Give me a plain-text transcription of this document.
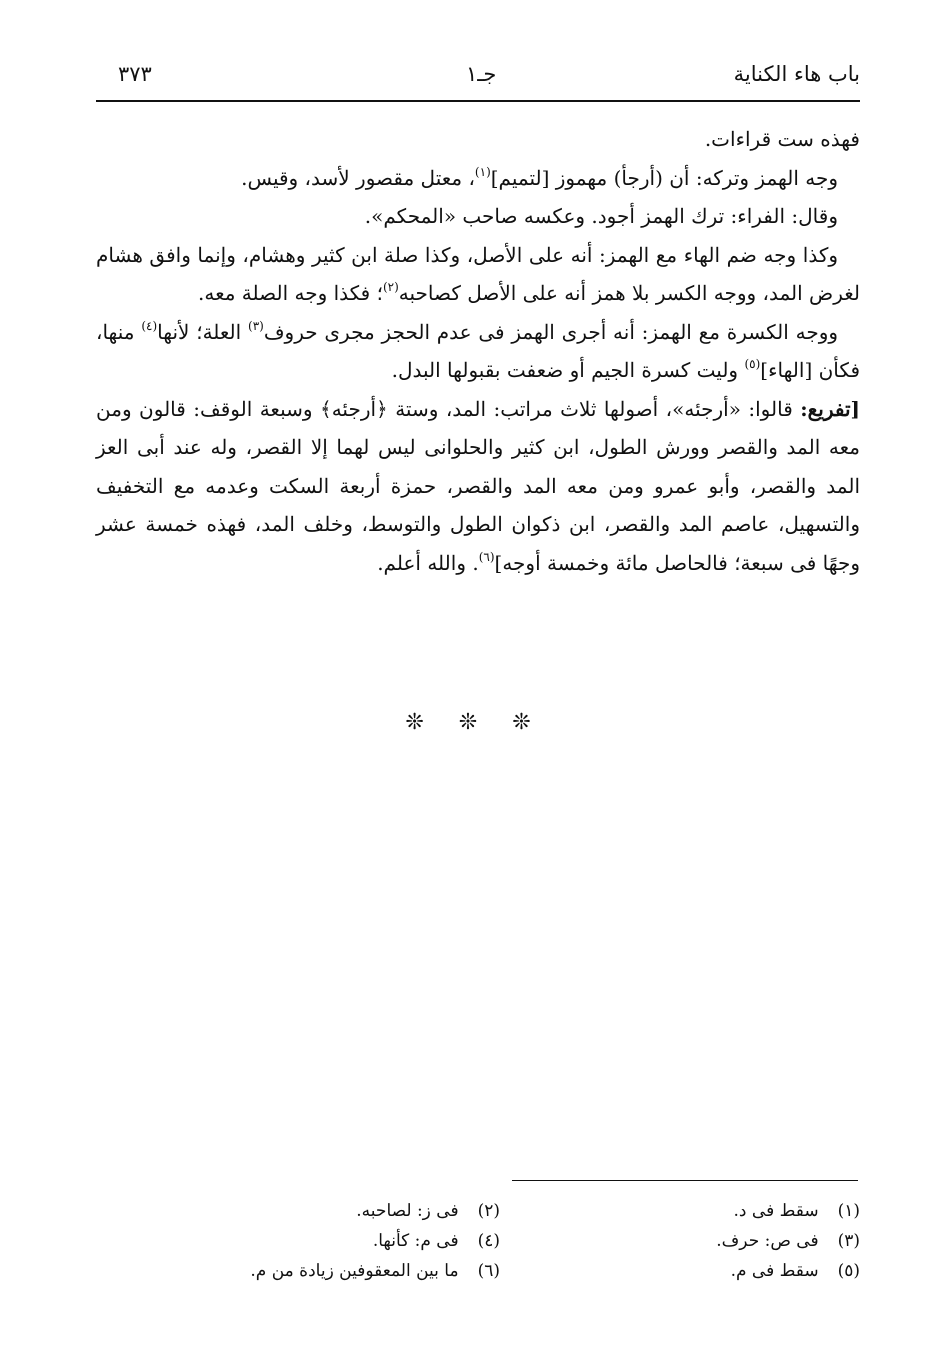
باب هاء الكناية
جـ١
٣٧٣

فهذه ست قراءات.

وجه الهمز وتركه: أن (أرجأ) مهموز [لتميم]$^{(١)}$، معتل مقصور لأسد، وقيس.

وقال: الفراء: ترك الهمز أجود. وعكسه صاحب «المحكم».

وكذا وجه ضم الهاء مع الهمز: أنه على الأصل، وكذا صلة ابن كثير وهشام، وإنما وافق هشام لغرض المد، ووجه الكسر بلا همز أنه على الأصل كصاحبه$^{(٢)}$؛ فكذا وجه الصلة معه.

ووجه الكسرة مع الهمز: أنه أجرى الهمز فى عدم الحجز مجرى حروف$^{(٣)}$ العلة؛ لأنها$^{(٤)}$ منها، فكأن [الهاء]$^{(٥)}$ وليت كسرة الجيم أو ضعفت بقبولها البدل.

[تفريع: قالوا: «أرجئه»، أصولها ثلاث مراتب: المد، وستة ﴿أرجئه﴾ وسبعة الوقف: قالون ومن معه المد والقصر وورش الطول، ابن كثير والحلوانى ليس لهما إلا القصر، وله عند أبى العز المد والقصر، وأبو عمرو ومن معه المد والقصر، حمزة أربعة السكت وعدمه مع التخفيف والتسهيل، عاصم المد والقصر، ابن ذكوان الطول والتوسط، وخلف المد، فهذه خمسة عشر وجهًا فى سبعة؛ فالحاصل مائة وخمسة أوجه]$^{(٦)}$. والله أعلم.

❊ ❊ ❊
(١) سقط فى د.
(٢) فى ز: لصاحبه.
(٣) فى ص: حرف.
(٤) فى م: كأنها.
(٥) سقط فى م.
(٦) ما بين المعقوفين زيادة من م.
